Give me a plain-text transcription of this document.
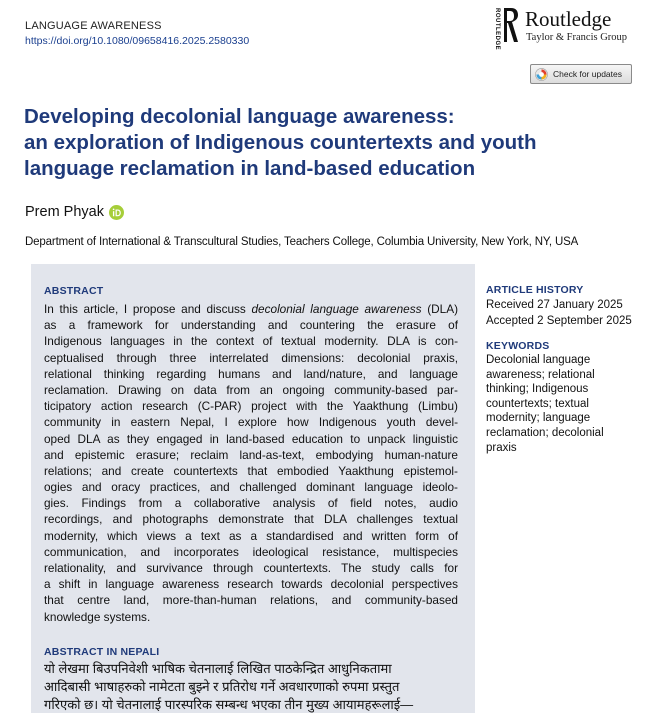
LANGUAGE AWARENESS
https://doi.org/10.1080/09658416.2025.2580330	ROUTLEDGE Routledge
Taylor & Francis Group
Check for updates
Developing decolonial language awareness:
an exploration of Indigenous countertexts and youth
language reclamation in land-based education
Prem Phyak
Department of International & Transcultural Studies, Teachers College, Columbia University, New York, NY, USA
ABSTRACT
In this article, I propose and discuss decolonial language awareness (DLA)
as a framework for understanding and countering the erasure of
Indigenous languages in the context of textual modernity. DLA is con-
ceptualised through three interrelated dimensions: decolonial praxis,
relational thinking regarding humans and land/nature, and language
reclamation. Drawing on data from an ongoing community-based par-
ticipatory action research (C-PAR) project with the Yaakthung (Limbu)
community in eastern Nepal, I explore how Indigenous youth devel-
oped DLA as they engaged in land-based education to unpack linguistic
and epistemic erasure; reclaim land-as-text, embodying human-nature
relations; and create countertexts that embodied Yaakthung epistemol-
ogies and oracy practices, and challenged dominant language ideolo-
gies. Findings from a collaborative analysis of field notes, audio
recordings, and photographs demonstrate that DLA challenges textual
modernity, which views a text as a standardised and written form of
communication, and incorporates ideological resistance, multispecies
relationality, and survivance through countertexts. The study calls for
a shift in language awareness research towards decolonial perspectives
that centre land, more-than-human relations, and community-based
knowledge systems.
ABSTRACT IN NEPALI
यो लेखमा बिउपनिवेशी भाषिक चेतनालाई लिखित पाठकेन्द्रित आधुनिकतामा
आदिबासी भाषाहरुको नामेटता बुझ्ने र प्रतिरोध गर्ने अवधारणाको रुपमा प्रस्तुत
गरिएको छ। यो चेतनालाई पारस्परिक सम्बन्ध भएका तीन मुख्य आयामहरूलाई—
ARTICLE HISTORY
Received 27 January 2025
Accepted 2 September 2025
KEYWORDS
Decolonial language
awareness; relational
thinking; Indigenous
countertexts; textual
modernity; language
reclamation; decolonial
praxis
